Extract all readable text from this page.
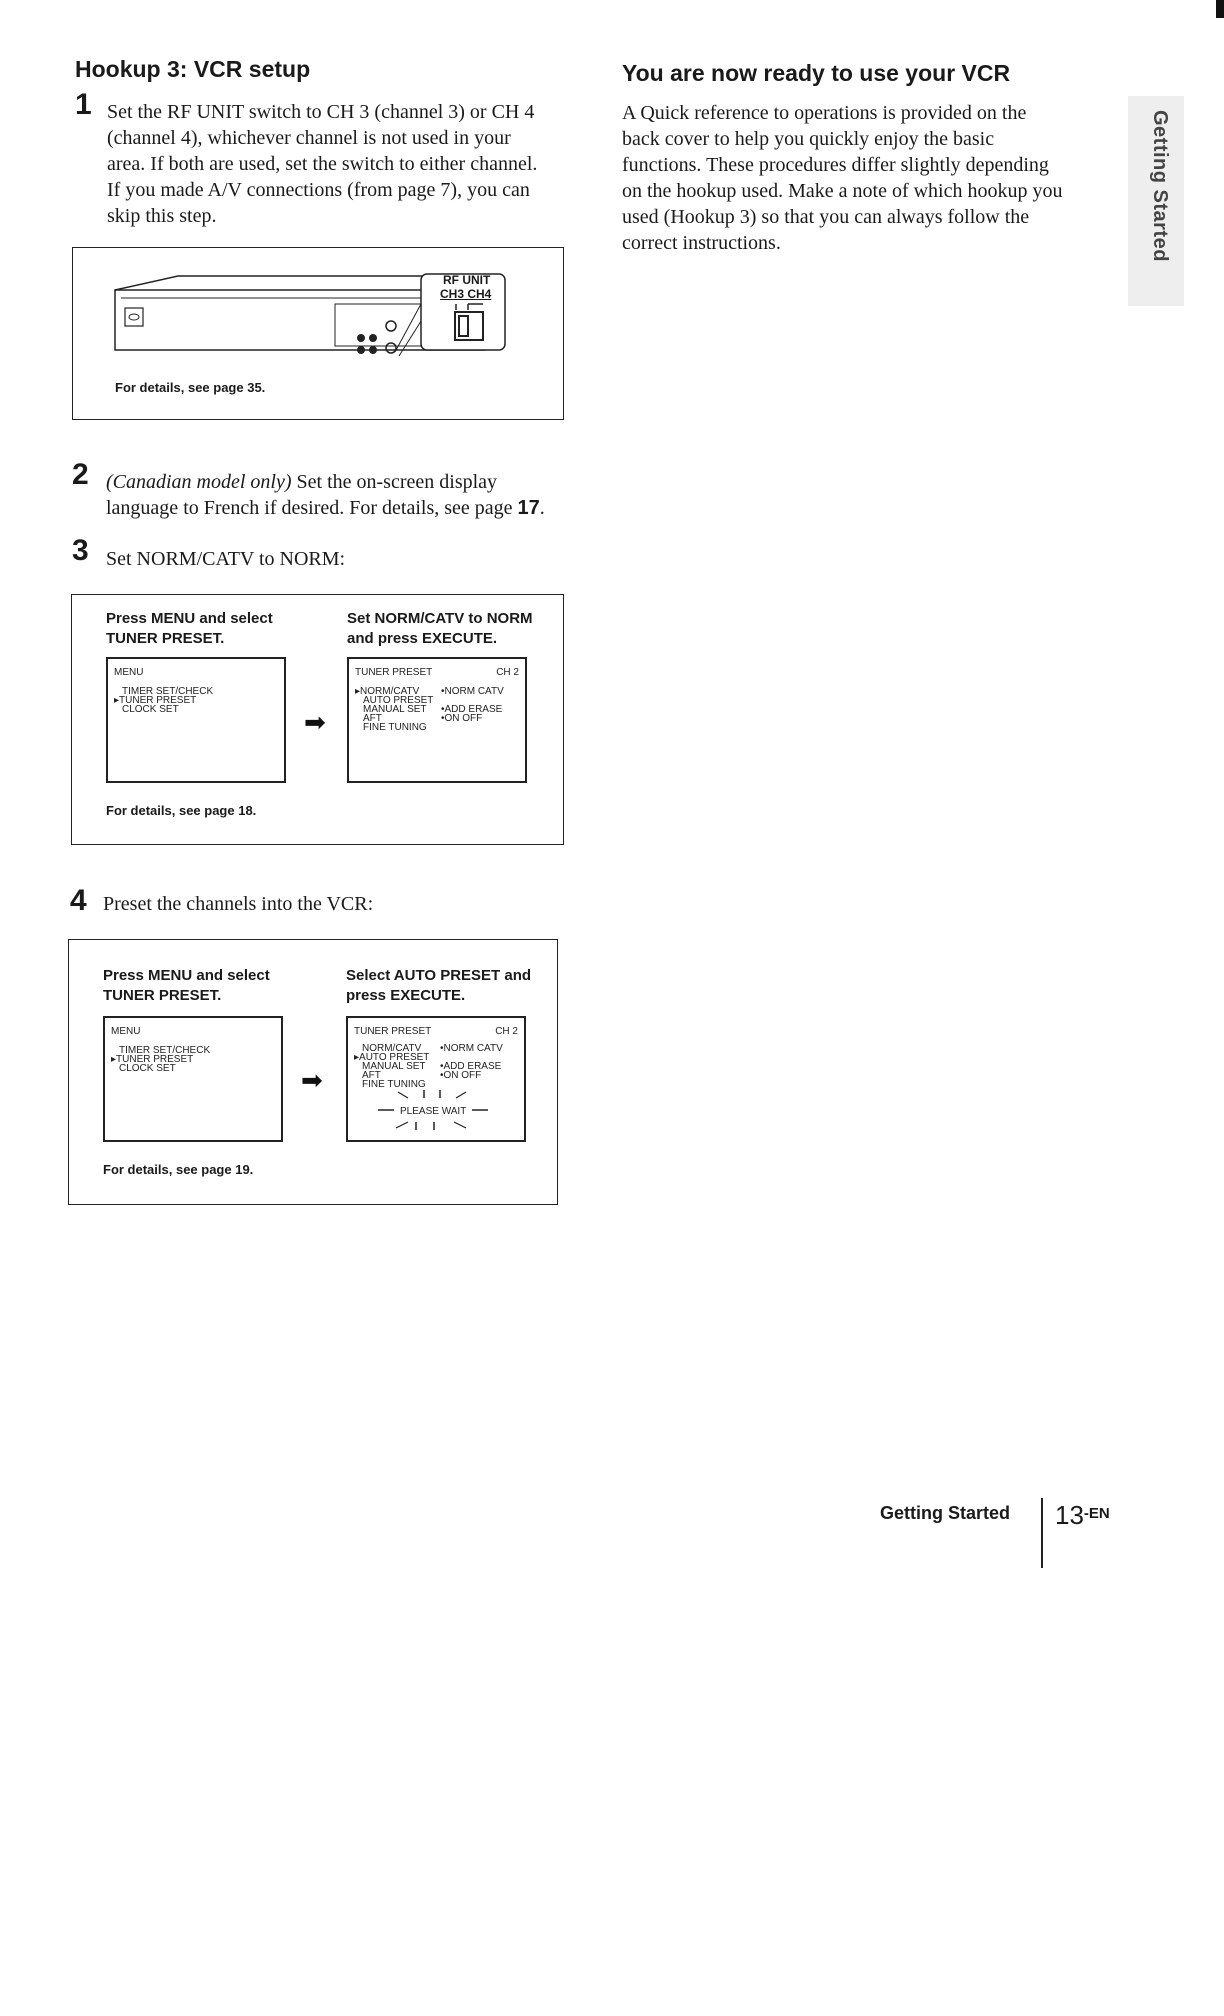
Hookup 3: VCR setup
1 Set the RF UNIT switch to CH 3 (channel 3) or CH 4
(channel 4), whichever channel is not used in your
area. If both are used, set the switch to either channel.
If you made A/V connections (from page 7), you can
skip this step.
RF UNIT
CH3 CH4
For details, see page 35.
2 (Canadian model only) Set the on-screen display
language to French if desired. For details, see page 17.
3 Set NORM/CATV to NORM:
Press MENU and select
TUNER PRESET.
Set NORM/CATV to NORM
and press EXECUTE.
MENU
TIMER SET/CHECK
▸TUNER PRESET
CLOCK SET	➡
TUNER PRESET	CH 2
▸NORM/CATV
AUTO PRESET
MANUAL SET
AFT
FINE TUNING
•NORM CATV
•ADD ERASE
•ON OFF
For details, see page 18.
4 Preset the channels into the VCR:
Press MENU and select
TUNER PRESET.
Select AUTO PRESET and
press EXECUTE.
MENU
TIMER SET/CHECK
▸TUNER PRESET
CLOCK SET	➡
TUNER PRESET	CH 2
NORM/CATV
▸AUTO PRESET
MANUAL SET
AFT
FINE TUNING
•NORM CATV
•ADD ERASE
•ON OFF
PLEASE WAIT
For details, see page 19.
You are now ready to use your VCR
A Quick reference to operations is provided on the
back cover to help you quickly enjoy the basic
functions. These procedures differ slightly depending
on the hookup used. Make a note of which hookup you
used (Hookup 3) so that you can always follow the
correct instructions.	Getting Started
Getting Started 13-EN
